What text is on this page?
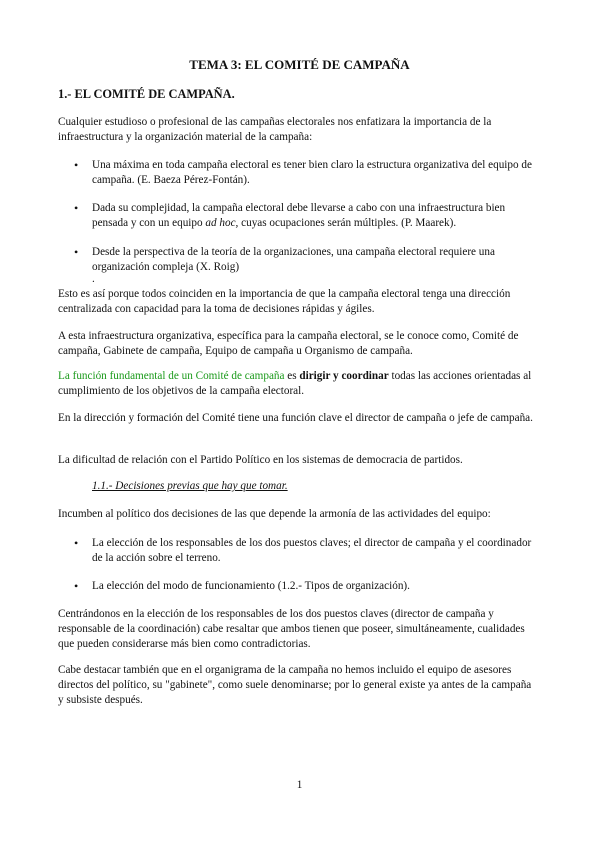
TEMA 3: EL COMITÉ DE CAMPAÑA
1.- EL COMITÉ DE CAMPAÑA.
Cualquier estudioso o profesional de las campañas electorales nos enfatizara la importancia de la infraestructura y la organización material de la campaña:
• Una máxima en toda campaña electoral es tener bien claro la estructura organizativa del equipo de campaña. (E. Baeza Pérez-Fontán).
• Dada su complejidad, la campaña electoral debe llevarse a cabo con una infraestructura bien pensada y con un equipo ad hoc, cuyas ocupaciones serán múltiples. (P. Maarek).
• Desde la perspectiva de la teoría de la organizaciones, una campaña electoral requiere una organización compleja (X. Roig)
.
Esto es así porque todos coinciden en la importancia de que la campaña electoral tenga una dirección centralizada con capacidad para la toma de decisiones rápidas y ágiles.
A esta infraestructura organizativa, específica para la campaña electoral, se le conoce como, Comité de campaña, Gabinete de campaña, Equipo de campaña u Organismo de campaña.
La función fundamental de un Comité de campaña es dirigir y coordinar todas las acciones orientadas al cumplimiento de los objetivos de la campaña electoral.
En la dirección y formación del Comité tiene una función clave el director de campaña o jefe de campaña.
La dificultad de relación con el Partido Político en los sistemas de democracia de partidos.
1.1.- Decisiones previas que hay que tomar.
Incumben al político dos decisiones de las que depende la armonía de las actividades del equipo:
• La elección de los responsables de los dos puestos claves; el director de campaña y el coordinador de la acción sobre el terreno.
• La elección del modo de funcionamiento (1.2.- Tipos de organización).
Centrándonos en la elección de los responsables de los dos puestos claves (director de campaña y responsable de la coordinación) cabe resaltar que ambos tienen que poseer, simultáneamente, cualidades que pueden considerarse más bien como contradictorias.
Cabe destacar también que en el organigrama de la campaña no hemos incluido el equipo de asesores directos del político, su "gabinete", como suele denominarse; por lo general existe ya antes de la campaña y subsiste después.
1
